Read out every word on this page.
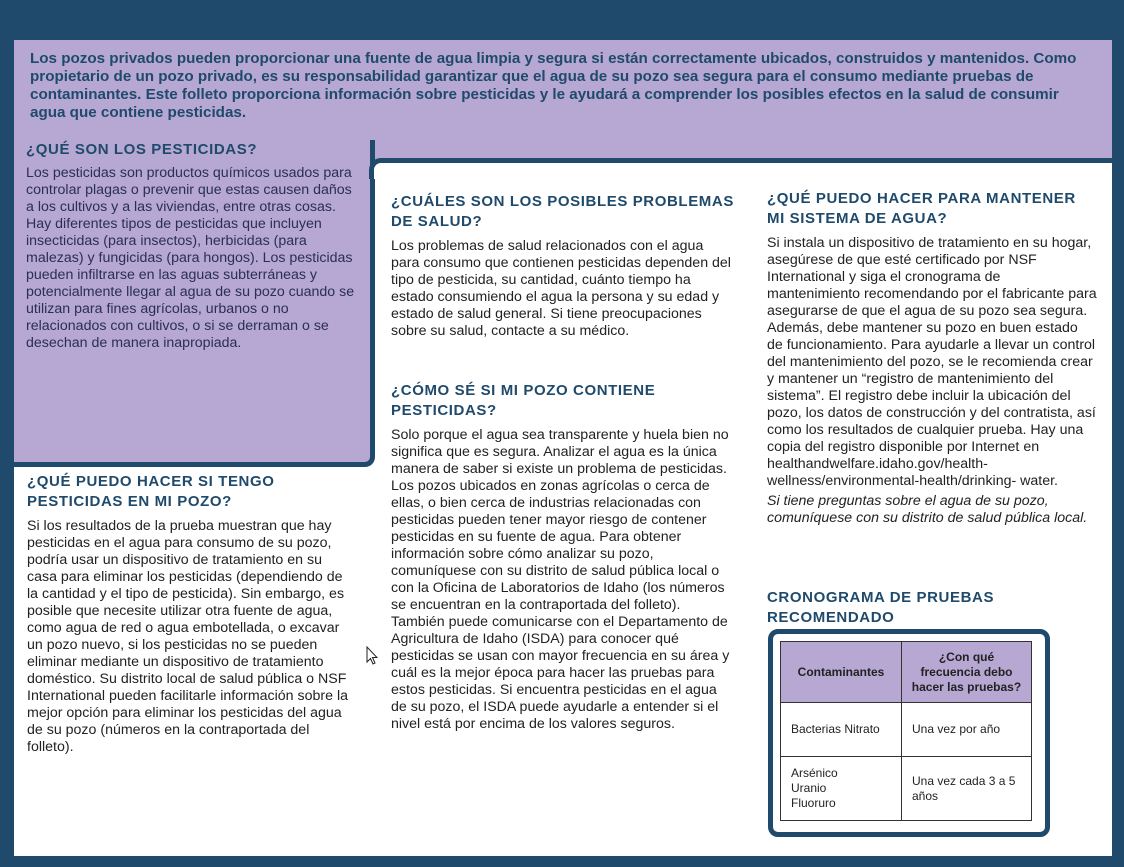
Los pozos privados pueden proporcionar una fuente de agua limpia y segura si están correctamente ubicados, construidos y mantenidos. Como propietario de un pozo privado, es su responsabilidad garantizar que el agua de su pozo sea segura para el consumo mediante pruebas de contaminantes. Este folleto proporciona información sobre pesticidas y le ayudará a comprender los posibles efectos en la salud de consumir agua que contiene pesticidas.

¿QUÉ SON LOS PESTICIDAS?

Los pesticidas son productos químicos usados para controlar plagas o prevenir que estas causen daños a los cultivos y a las viviendas, entre otras cosas. Hay diferentes tipos de pesticidas que incluyen insecticidas (para insectos), herbicidas (para malezas) y fungicidas (para hongos). Los pesticidas pueden infiltrarse en las aguas subterráneas y potencialmente llegar al agua de su pozo cuando se utilizan para fines agrícolas, urbanos o no relacionados con cultivos, o si se derraman o se desechan de manera inapropiada.

¿QUÉ PUEDO HACER SI TENGO PESTICIDAS EN MI POZO?

Si los resultados de la prueba muestran que hay pesticidas en el agua para consumo de su pozo, podría usar un dispositivo de tratamiento en su casa para eliminar los pesticidas (dependiendo de la cantidad y el tipo de pesticida). Sin embargo, es posible que necesite utilizar otra fuente de agua, como agua de red o agua embotellada, o excavar un pozo nuevo, si los pesticidas no se pueden eliminar mediante un dispositivo de tratamiento doméstico. Su distrito local de salud pública o NSF International pueden facilitarle información sobre la mejor opción para eliminar los pesticidas del agua de su pozo (números en la contraportada del folleto).

¿CUÁLES SON LOS POSIBLES PROBLEMAS DE SALUD?

Los problemas de salud relacionados con el agua para consumo que contienen pesticidas dependen del tipo de pesticida, su cantidad, cuánto tiempo ha estado consumiendo el agua la persona y su edad y estado de salud general. Si tiene preocupaciones sobre su salud, contacte a su médico.

¿CÓMO SÉ SI MI POZO CONTIENE PESTICIDAS?

Solo porque el agua sea transparente y huela bien no significa que es segura. Analizar el agua es la única manera de saber si existe un problema de pesticidas. Los pozos ubicados en zonas agrícolas o cerca de ellas, o bien cerca de industrias relacionadas con pesticidas pueden tener mayor riesgo de contener pesticidas en su fuente de agua. Para obtener información sobre cómo analizar su pozo, comuníquese con su distrito de salud pública local o con la Oficina de Laboratorios de Idaho (los números se encuentran en la contraportada del folleto). También puede comunicarse con el Departamento de Agricultura de Idaho (ISDA) para conocer qué pesticidas se usan con mayor frecuencia en su área y cuál es la mejor época para hacer las pruebas para estos pesticidas. Si encuentra pesticidas en el agua de su pozo, el ISDA puede ayudarle a entender si el nivel está por encima de los valores seguros.

¿QUÉ PUEDO HACER PARA MANTENER MI SISTEMA DE AGUA?

Si instala un dispositivo de tratamiento en su hogar, asegúrese de que esté certificado por NSF International y siga el cronograma de mantenimiento recomendando por el fabricante para asegurarse de que el agua de su pozo sea segura. Además, debe mantener su pozo en buen estado de funcionamiento. Para ayudarle a llevar un control del mantenimiento del pozo, se le recomienda crear y mantener un “registro de mantenimiento del sistema”. El registro debe incluir la ubicación del pozo, los datos de construcción y del contratista, así como los resultados de cualquier prueba. Hay una copia del registro disponible por Internet en healthandwelfare.idaho.gov/health-wellness/environmental-health/drinking- water.

Si tiene preguntas sobre el agua de su pozo, comuníquese con su distrito de salud pública local.

CRONOGRAMA DE PRUEBAS RECOMENDADO
Contaminantes	¿Con qué frecuencia debo hacer las pruebas?
Bacterias Nitrato	Una vez por año

Arsénico
Uranio
Fluoruro	Una vez cada 3 a 5 años
